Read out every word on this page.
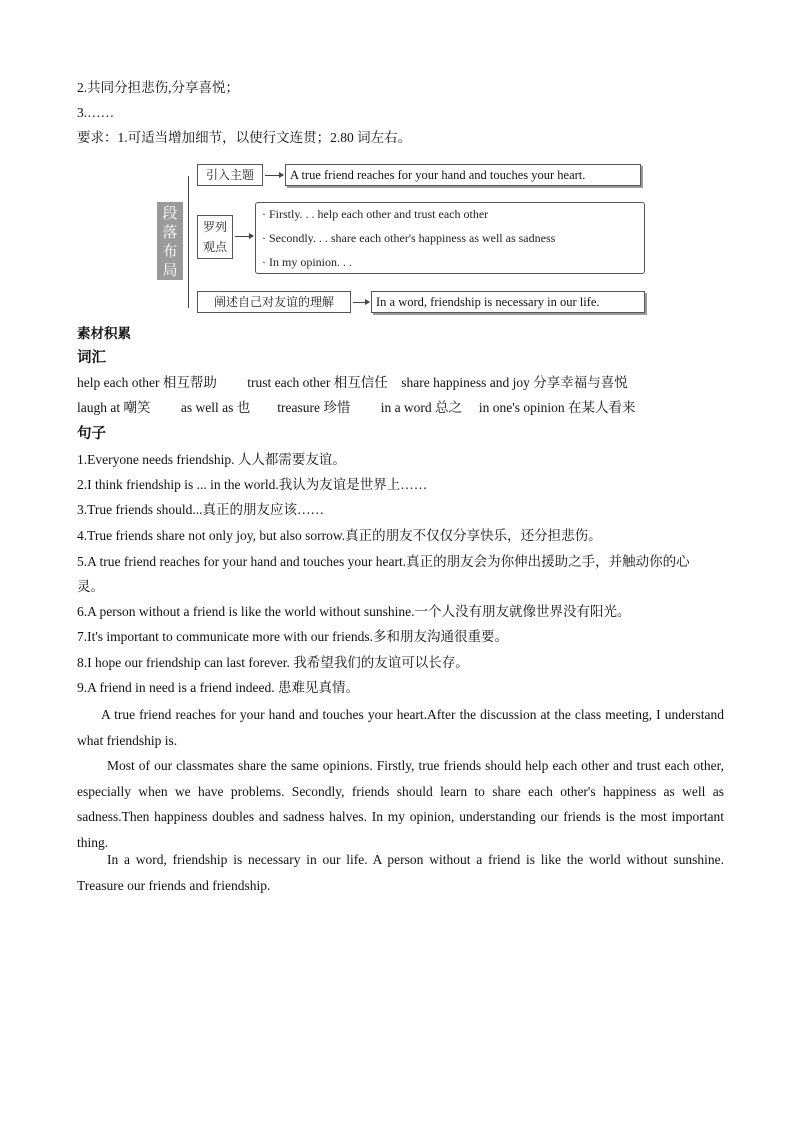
2.共同分担悲伤,分享喜悦；
3.……
要求：1.可适当增加细节，以使行文连贯；2.80 词左右。
段
落
布
局
引入主题	A true friend reaches for your hand and touches your heart.
罗列
观点
· Firstly. . . help each other and trust each other
· Secondly. . . share each other's happiness as well as sadness
· In my opinion. . .
阐述自己对友谊的理解	In a word, friendship is necessary in our life.
素材积累
词汇
help each other 相互帮助　　 trust each other 相互信任　share happiness and joy 分享幸福与喜悦
laugh at 嘲笑　　 as well as 也　　treasure 珍惜　　 in a word 总之　 in one's opinion 在某人看来
句子
1.Everyone needs friendship. 人人都需要友谊。
2.I think friendship is ... in the world.我认为友谊是世界上……
3.True friends should...真正的朋友应该……
4.True friends share not only joy, but also sorrow.真正的朋友不仅仅分享快乐，还分担悲伤。
5.A true friend reaches for your hand and touches your heart.真正的朋友会为你伸出援助之手，并触动你的心
灵。
6.A person without a friend is like the world without sunshine.一个人没有朋友就像世界没有阳光。
7.It's important to communicate more with our friends.多和朋友沟通很重要。
8.I hope our friendship can last forever. 我希望我们的友谊可以长存。
9.A friend in need is a friend indeed. 患难见真情。
A true friend reaches for your hand and touches your heart.After the discussion at the class meeting, I understand what friendship is.
Most of our classmates share the same opinions. Firstly, true friends should help each other and trust each other, especially when we have problems. Secondly, friends should learn to share each other's happiness as well as sadness.Then happiness doubles and sadness halves. In my opinion, understanding our friends is the most important thing.
In a word, friendship is necessary in our life. A person without a friend is like the world without sunshine. Treasure our friends and friendship.
